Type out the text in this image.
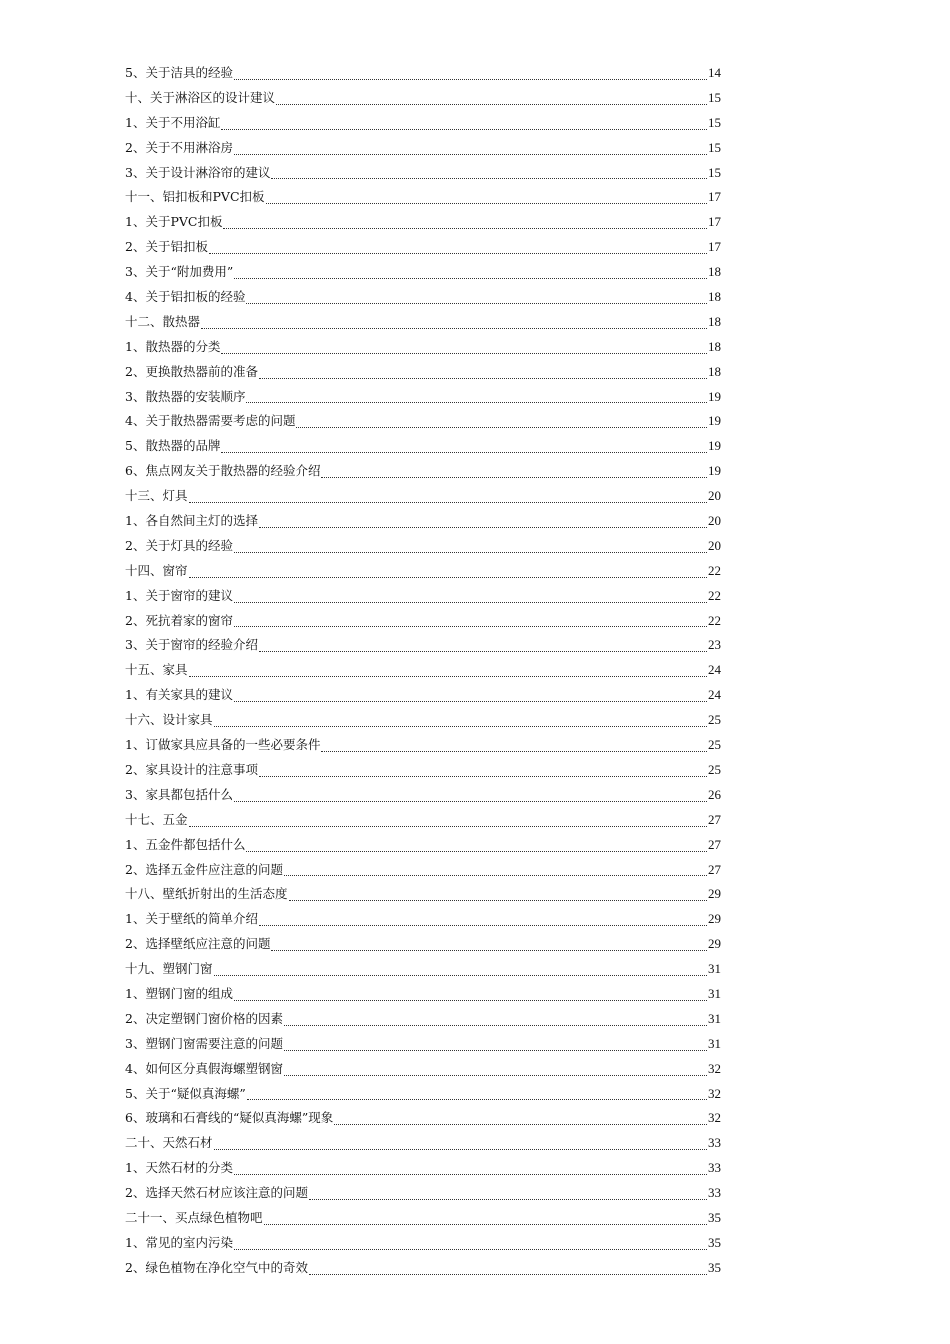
5、关于洁具的经验	14
十、关于淋浴区的设计建议	15
1、关于不用浴缸	15
2、关于不用淋浴房	15
3、关于设计淋浴帘的建议	15
十一、铝扣板和PVC扣板	17
1、关于PVC扣板	17
2、关于铝扣板	17
3、关于“附加费用”	18
4、关于铝扣板的经验	18
十二、散热器	18
1、散热器的分类	18
2、更换散热器前的准备	18
3、散热器的安装顺序	19
4、关于散热器需要考虑的问题	19
5、散热器的品牌	19
6、焦点网友关于散热器的经验介绍	19
十三、灯具	20
1、各自然间主灯的选择	20
2、关于灯具的经验	20
十四、窗帘	22
1、关于窗帘的建议	22
2、死抗着家的窗帘	22
3、关于窗帘的经验介绍	23
十五、家具	24
1、有关家具的建议	24
十六、设计家具	25
1、订做家具应具备的一些必要条件	25
2、家具设计的注意事项	25
3、家具都包括什么	26
十七、五金	27
1、五金件都包括什么	27
2、选择五金件应注意的问题	27
十八、壁纸折射出的生活态度	29
1、关于壁纸的简单介绍	29
2、选择壁纸应注意的问题	29
十九、塑钢门窗	31
1、塑钢门窗的组成	31
2、决定塑钢门窗价格的因素	31
3、塑钢门窗需要注意的问题	31
4、如何区分真假海螺塑钢窗	32
5、关于“疑似真海螺”	32
6、玻璃和石膏线的“疑似真海螺”现象	32
二十、天然石材	33
1、天然石材的分类	33
2、选择天然石材应该注意的问题	33
二十一、买点绿色植物吧	35
1、常见的室内污染	35
2、绿色植物在净化空气中的奇效	35
